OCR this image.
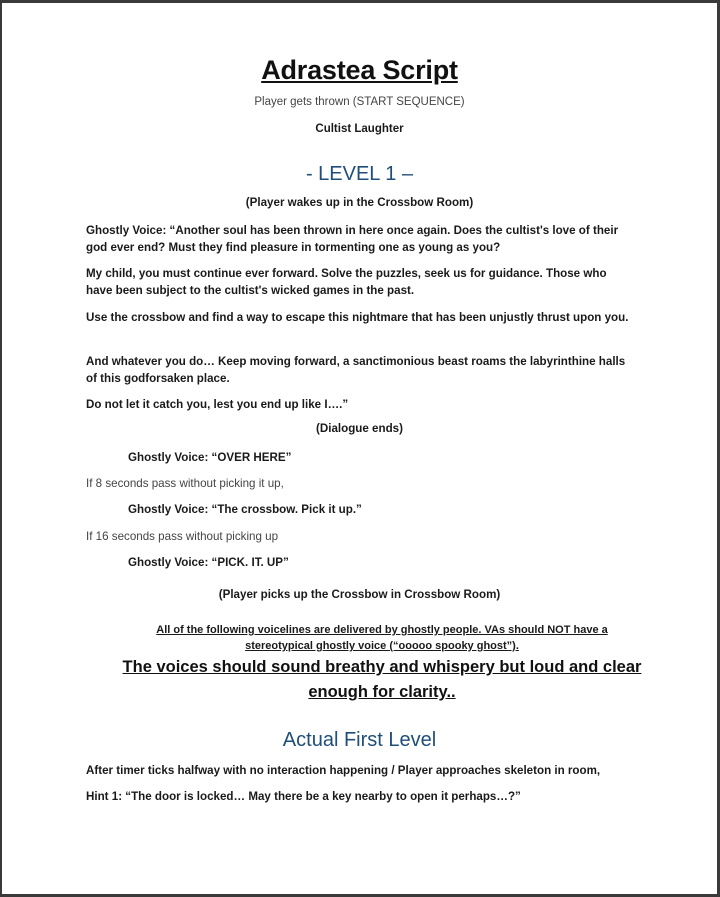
Adrastea Script

Player gets thrown (START SEQUENCE)

Cultist Laughter

- LEVEL 1 –

(Player wakes up in the Crossbow Room)

Ghostly Voice: “Another soul has been thrown in here once again. Does the cultist's love of their god ever end? Must they find pleasure in tormenting one as young as you?

My child, you must continue ever forward. Solve the puzzles, seek us for guidance. Those who have been subject to the cultist's wicked games in the past.

Use the crossbow and find a way to escape this nightmare that has been unjustly thrust upon you.

And whatever you do… Keep moving forward, a sanctimonious beast roams the labyrinthine halls of this godforsaken place.

Do not let it catch you, lest you end up like I….”

(Dialogue ends)

Ghostly Voice: “OVER HERE”

If 8 seconds pass without picking it up,

Ghostly Voice: “The crossbow. Pick it up.”

If 16 seconds pass without picking up

Ghostly Voice: “PICK. IT. UP”

(Player picks up the Crossbow in Crossbow Room)

All of the following voicelines are delivered by ghostly people. VAs should NOT have a stereotypical ghostly voice (“ooooo spooky ghost”).

The voices should sound breathy and whispery but loud and clear enough for clarity..

Actual First Level

After timer ticks halfway with no interaction happening / Player approaches skeleton in room,

Hint 1: “The door is locked… May there be a key nearby to open it perhaps…?”
